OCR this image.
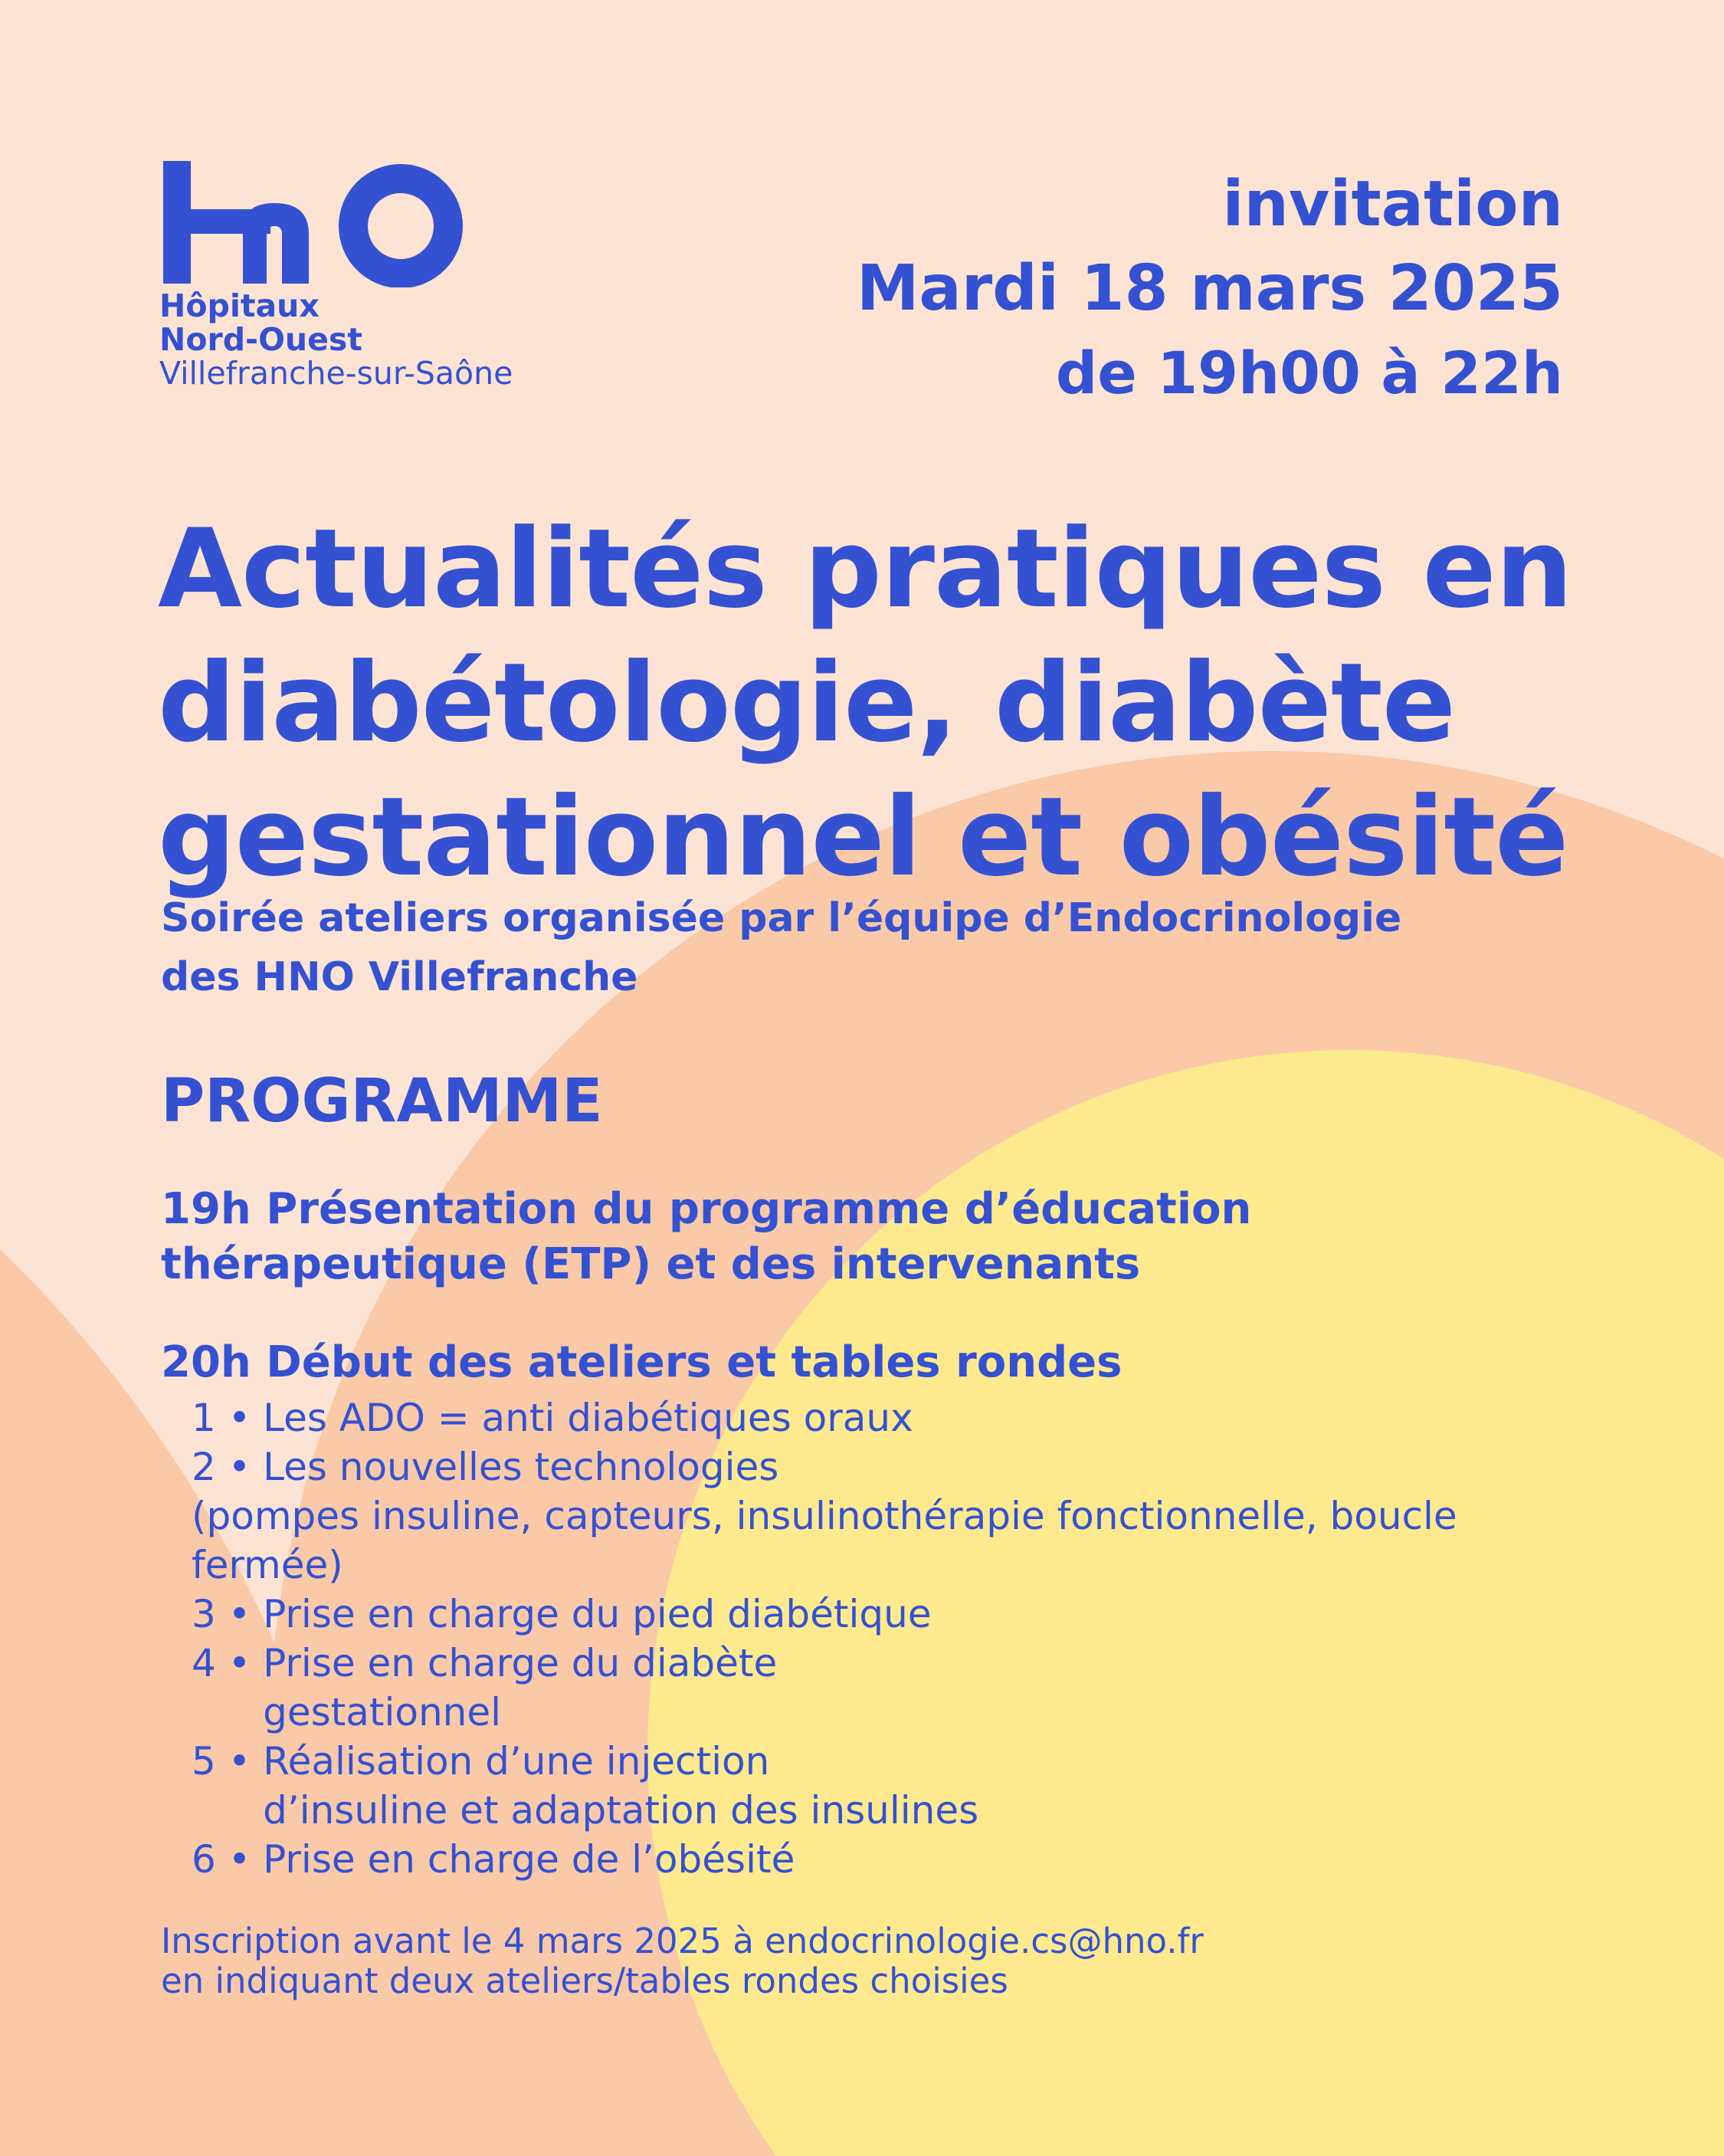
HNO
Hôpitaux
Nord-Ouest
Villefranche-sur-Saône
invitation
Mardi 18 mars 2025
de 19h00 à 22h
Actualités pratiques en
diabétologie, diabète
gestationnel et obésité
Soirée ateliers organisée par l’équipe d’Endocrinologie
des HNO Villefranche
PROGRAMME
19h Présentation du programme d’éducation
thérapeutique (ETP) et des intervenants
20h Début des ateliers et tables rondes
1 • Les ADO = anti diabétiques oraux
2 • Les nouvelles technologies
(pompes insuline, capteurs, insulinothérapie fonctionnelle, boucle fermée)
3 • Prise en charge du pied diabétique
4 • Prise en charge du diabète
gestationnel
5 • Réalisation d’une injection
d’insuline et adaptation des insulines
6 • Prise en charge de l’obésité
Inscription avant le 4 mars 2025 à endocrinologie.cs@hno.fr
en indiquant deux ateliers/tables rondes choisies
